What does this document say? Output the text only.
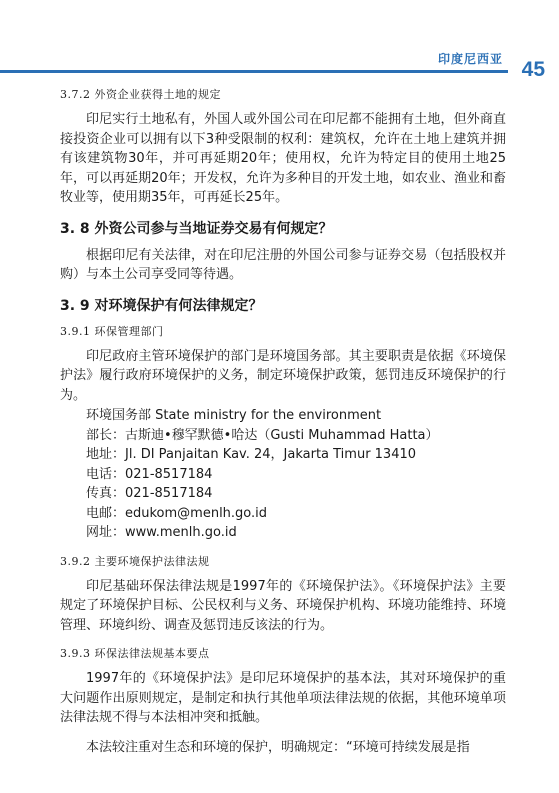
印度尼西亚 45
3.7.2 外资企业获得土地的规定

印尼实行土地私有，外国人或外国公司在印尼都不能拥有土地，但外商直接投资企业可以拥有以下3种受限制的权利：建筑权，允许在土地上建筑并拥有该建筑物30年，并可再延期20年；使用权，允许为特定目的使用土地25年，可以再延期20年；开发权，允许为多种目的开发土地，如农业、渔业和畜牧业等，使用期35年，可再延长25年。

3. 8 外资公司参与当地证券交易有何规定？

根据印尼有关法律，对在印尼注册的外国公司参与证券交易（包括股权并购）与本土公司享受同等待遇。

3. 9 对环境保护有何法律规定？
3.9.1 环保管理部门

印尼政府主管环境保护的部门是环境国务部。其主要职责是依据《环境保护法》履行政府环境保护的义务，制定环境保护政策，惩罚违反环境保护的行为。

环境国务部 State ministry for the environment
部长：古斯迪•穆罕默德•哈达（Gusti Muhammad Hatta）
地址：Jl. DI Panjaitan Kav. 24，Jakarta Timur 13410
电话：021-8517184
传真：021-8517184
电邮：edukom@menlh.go.id
网址：www.menlh.go.id
3.9.2 主要环境保护法律法规

印尼基础环保法律法规是1997年的《环境保护法》。《环境保护法》主要规定了环境保护目标、公民权利与义务、环境保护机构、环境功能维持、环境管理、环境纠纷、调查及惩罚违反该法的行为。

3.9.3 环保法律法规基本要点

1997年的《环境保护法》是印尼环境保护的基本法，其对环境保护的重大问题作出原则规定，是制定和执行其他单项法律法规的依据，其他环境单项法律法规不得与本法相冲突和抵触。

本法较注重对生态和环境的保护，明确规定：“环境可持续发展是指
